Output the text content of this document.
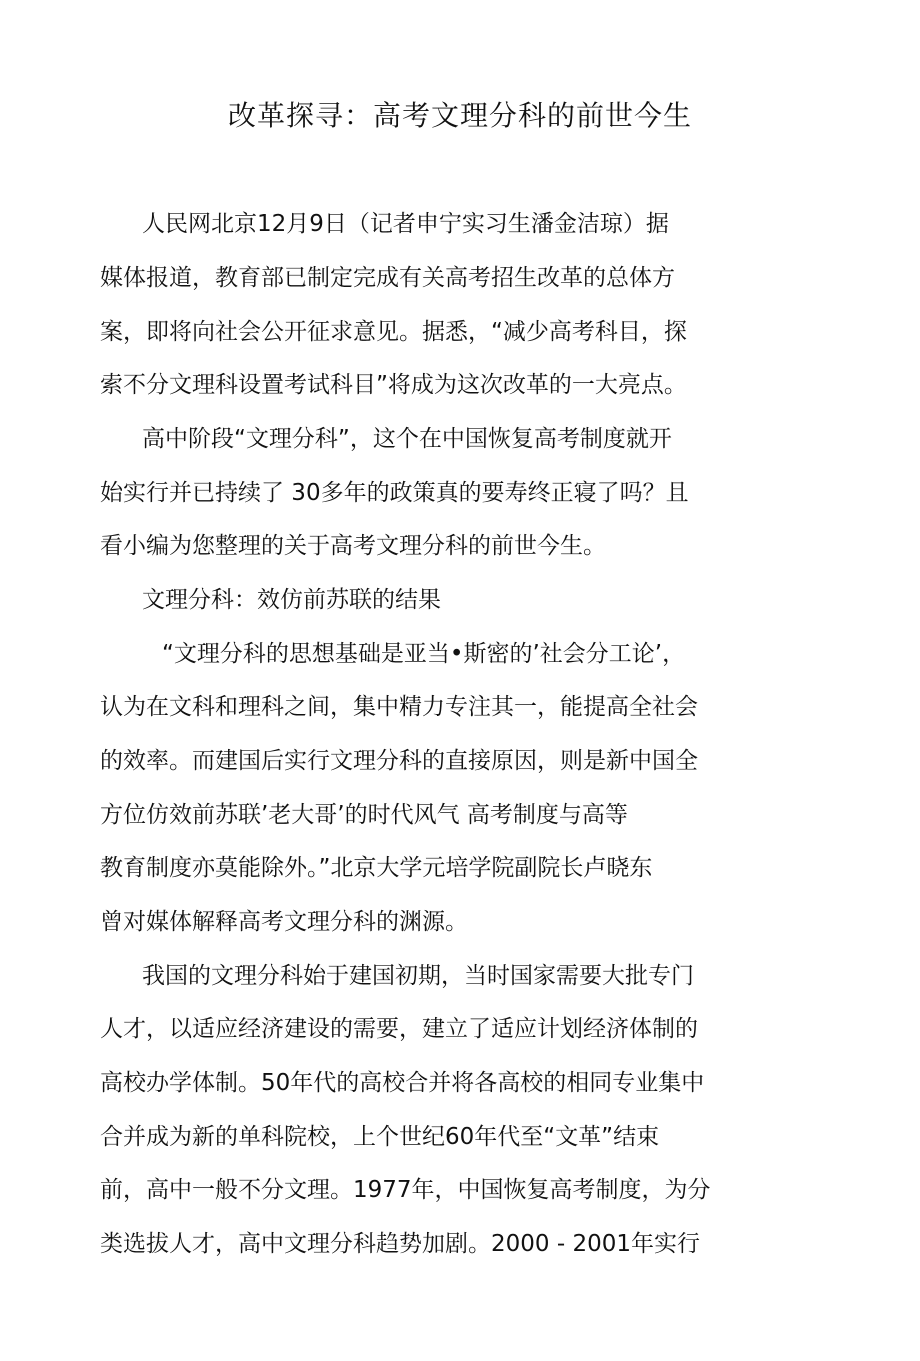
改革探寻：高考文理分科的前世今生
人民网北京12月9日（记者申宁实习生潘金洁琼）据
媒体报道，教育部已制定完成有关高考招生改革的总体方
案，即将向社会公开征求意见。据悉，“减少高考科目，探
索不分文理科设置考试科目”将成为这次改革的一大亮点。
高中阶段“文理分科”，这个在中国恢复高考制度就开
始实行并已持续了 30多年的政策真的要寿终正寝了吗？且
看小编为您整理的关于高考文理分科的前世今生。
文理分科：效仿前苏联的结果
“文理分科的思想基础是亚当•斯密的’社会分工论’，
认为在文科和理科之间，集中精力专注其一，能提高全社会
的效率。而建国后实行文理分科的直接原因，则是新中国全
方位仿效前苏联’老大哥’的时代风气 高考制度与高等
教育制度亦莫能除外。”北京大学元培学院副院长卢晓东
曾对媒体解释高考文理分科的渊源。
我国的文理分科始于建国初期，当时国家需要大批专门
人才，以适应经济建设的需要，建立了适应计划经济体制的
高校办学体制。50年代的高校合并将各高校的相同专业集中
合并成为新的单科院校，上个世纪60年代至“文革”结束
前，高中一般不分文理。1977年，中国恢复高考制度，为分
类选拔人才，高中文理分科趋势加剧。2000 - 2001年实行
